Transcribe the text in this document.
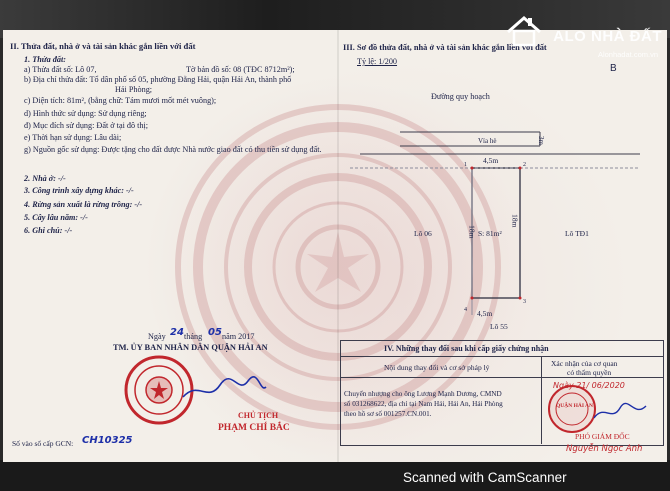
II. Thửa đất, nhà ở và tài sản khác gắn liền với đất
1. Thửa đất:
a) Thửa đất số: Lô 07,	Tờ bản đồ số: 08 (TĐC 8712m²);
b) Địa chỉ thửa đất: Tổ dân phố số 05, phường Đằng Hải, quận Hải An, thành phố
Hải Phòng;
c) Diện tích: 81m², (bằng chữ: Tám mươi mốt mét vuông);
d) Hình thức sử dụng: Sử dụng riêng;
đ) Mục đích sử dụng: Đất ở tại đô thị;
e) Thời hạn sử dụng: Lâu dài;
g) Nguồn gốc sử dụng: Được tặng cho đất được Nhà nước giao đất có thu tiền sử dụng đất.
2. Nhà ở: -/-
3. Công trình xây dựng khác: -/-
4. Rừng sản xuất là rừng trồng: -/-
5. Cây lâu năm: -/-
6. Ghi chú: -/-
Ngày 24 tháng 05 năm 2017
TM. ỦY BAN NHÂN DÂN QUẬN HẢI AN
CHỦ TỊCH
PHẠM CHÍ BẮC
Số vào sổ cấp GCN: CH10325
III. Sơ đồ thửa đất, nhà ở và tài sản khác gắn liền với đất
Tỷ lệ: 1/200
Đường quy hoạch
B
Vỉa hè	3m
4,5m
18m
18m
S: 81m²
Lô 06	Lô TĐ1
4,5m
Lô 55
1	2
3
4
IV. Những thay đổi sau khi cấp giấy chứng nhận
Nội dung thay đổi và cơ sở pháp lý	Xác nhận của cơ quan
có thẩm quyền
Chuyển nhượng cho ông Lương Mạnh Dương, CMND
số 031268622, địa chỉ tại Nam Hải, Hải An, Hải Phòng
theo hồ sơ số 001257.CN.001.
QUẬN HẢI AN
Ngày 21/ 06/2020
PHÓ GIÁM ĐỐC
Nguyễn Ngọc Anh
ALO NHÀ ĐẤT
Alonhadat.com.vn
Scanned with CamScanner
